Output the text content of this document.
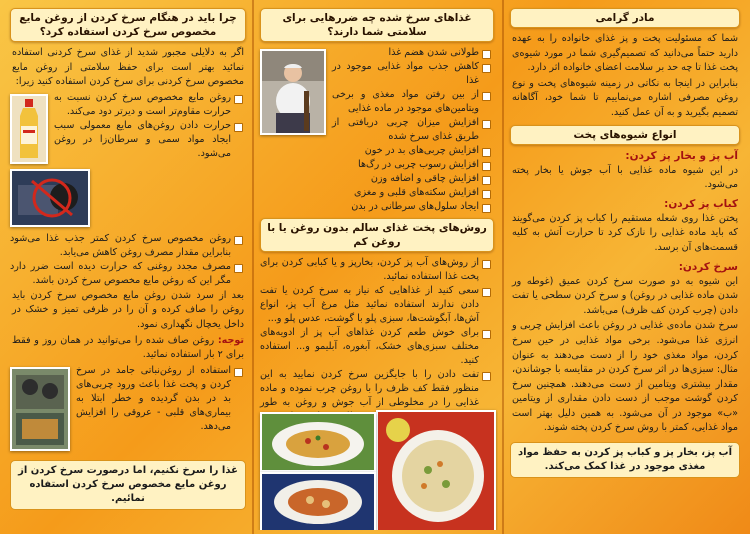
مادر گرامی

شما که مسئولیت پخت و پز غذای خانواده را به عهده دارید حتماً می‌دانید که تصمیم‌گیری شما در مورد شیوه‌ی پخت غذا تا چه حد بر سلامت اعضای خانواده اثر دارد.

بنابراین در اینجا به نکاتی در زمینه شیوه‌های پخت و نوع روغن مصرفی اشاره می‌نماییم تا شما خود، آگاهانه تصمیم بگیرید و به آن عمل کنید.

انواع شیوه‌های پخت
آب پز و بخار پز کردن:

در این شیوه ماده غذایی با آب جوش یا بخار پخته می‌شود.

کباب پز کردن:

پختن غذا روی شعله مستقیم را کباب پز کردن می‌گویند که باید ماده غذایی را نازک کرد تا حرارت آتش به کلیه قسمت‌های آن برسد.

سرخ کردن:

این شیوه به دو صورت سرخ کردن عمیق (غوطه ور شدن ماده غذایی در روغن) و سرخ کردن سطحی یا تفت دادن (چرب کردن کف ظرف) می‌باشد.

سرخ شدن ماده‌ی غذایی در روغن باعث افزایش چربی و انرژی غذا می‌شود. برخی مواد غذایی در حین سرخ کردن، مواد مغذی خود را از دست می‌دهند به عنوان مثال: سبزی‌ها در اثر سرخ کردن در مقایسه با جوشاندن، مقدار بیشتری ویتامین از دست می‌دهند. همچنین سرخ کردن گوشت موجب از دست دادن مقداری از ویتامین «ب» موجود در آن می‌شود. به همین دلیل بهتر است مواد غذایی، کمتر با روش سرخ کردن پخته شوند.

آب پز، بخار پز و کباب پز کردن به حفظ مواد مغذی موجود در غذا کمک می‌کند.
غذاهای سرخ شده چه ضررهایی برای سلامتی شما دارند؟
طولانی شدن هضم غذا
کاهش جذب مواد غذایی موجود در غذا
از بین رفتن مواد مغذی و برخی ویتامین‌های موجود در ماده غذایی
افزایش میزان چربی دریافتی از طریق غذای سرخ شده
افزایش چربی‌های بد در خون
افزایش رسوب چربی در رگ‌ها
افزایش چاقی و اضافه وزن
افزایش سکته‌های قلبی و مغزی
ایجاد سلول‌های سرطانی در بدن
روش‌های پخت غذای سالم بدون روغن یا با روغن کم
از روش‌های آب پز کردن، بخارپز و یا کبابی کردن برای پخت غذا استفاده نمائید.
سعی کنید از غذاهایی که نیاز به سرخ کردن یا تفت دادن ندارند استفاده نمائید مثل مرغ آب پز، انواع آش‌ها، آبگوشت‌ها، سبزی پلو با گوشت، عدس پلو و...
برای خوش طعم کردن غذاهای آب پز از ادویه‌های مختلف سبزی‌های خشک، آبغوره، آبلیمو و... استفاده کنید.
تفت دادن را با جایگزین سرخ کردن نمایید به این منظور فقط کف ظرف را با روغن چرب نموده و ماده غذایی را در مخلوطی از آب جوش و روغن به طور
چرا باید در هنگام سرخ کردن از روغن مایع مخصوص سرخ کردن استفاده کرد؟

اگر به دلایلی مجبور شدید از غذای سرخ کردنی استفاده نمائید بهتر است برای حفظ سلامتی از روغن مایع مخصوص سرخ کردنی برای سرخ کردن استفاده کنید زیرا:

روغن مایع مخصوص سرخ کردن نسبت به حرارت مقاوم‌تر است و دیرتر دود می‌کند.
حرارت دادن روغن‌های مایع معمولی سبب ایجاد مواد سمی و سرطان‌زا در روغن می‌شود.
روغن مخصوص سرخ کردن کمتر جذب غذا می‌شود بنابراین مقدار مصرف روغن کاهش می‌یابد.
مصرف مجدد روغنی که حرارت دیده است ضرر دارد مگر این که روغن مایع مخصوص سرخ کردن باشد.

بعد از سرد شدن روغن مایع مخصوص سرخ کردن باید روغن را صاف کرده و آن را در ظرفی تمیز و خشک در داخل یخچال نگهداری نمود.

توجه: روغن صاف شده را می‌توانید در همان روز و فقط برای ۲ بار استفاده نمائید.

استفاده از روغن‌نباتی جامد در سرخ کردن و پخت غذا باعث ورود چربی‌های بد در بدن گردیده و خطر ابتلا به بیماری‌های قلبی - عروقی را افزایش می‌دهد.
غذا را سرخ نکنیم، اما درصورت سرخ کردن از روغن مایع مخصوص سرخ کردن استفاده نمائیم.
